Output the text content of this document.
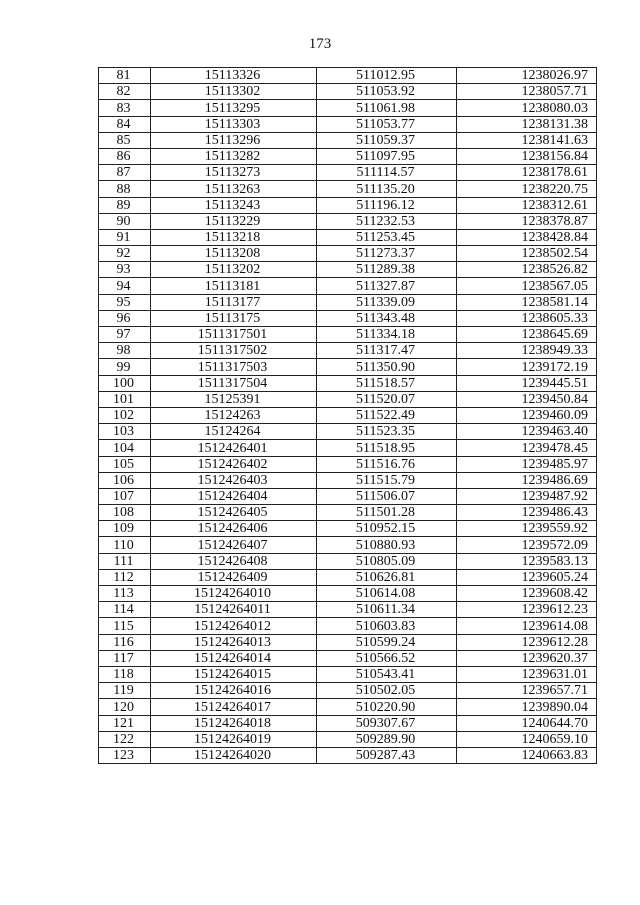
173
81	15113326	511012.95	1238026.97
82	15113302	511053.92	1238057.71
83	15113295	511061.98	1238080.03
84	15113303	511053.77	1238131.38
85	15113296	511059.37	1238141.63
86	15113282	511097.95	1238156.84
87	15113273	511114.57	1238178.61
88	15113263	511135.20	1238220.75
89	15113243	511196.12	1238312.61
90	15113229	511232.53	1238378.87
91	15113218	511253.45	1238428.84
92	15113208	511273.37	1238502.54
93	15113202	511289.38	1238526.82
94	15113181	511327.87	1238567.05
95	15113177	511339.09	1238581.14
96	15113175	511343.48	1238605.33
97	1511317501	511334.18	1238645.69
98	1511317502	511317.47	1238949.33
99	1511317503	511350.90	1239172.19
100	1511317504	511518.57	1239445.51
101	15125391	511520.07	1239450.84
102	15124263	511522.49	1239460.09
103	15124264	511523.35	1239463.40
104	1512426401	511518.95	1239478.45
105	1512426402	511516.76	1239485.97
106	1512426403	511515.79	1239486.69
107	1512426404	511506.07	1239487.92
108	1512426405	511501.28	1239486.43
109	1512426406	510952.15	1239559.92
110	1512426407	510880.93	1239572.09
111	1512426408	510805.09	1239583.13
112	1512426409	510626.81	1239605.24
113	15124264010	510614.08	1239608.42
114	15124264011	510611.34	1239612.23
115	15124264012	510603.83	1239614.08
116	15124264013	510599.24	1239612.28
117	15124264014	510566.52	1239620.37
118	15124264015	510543.41	1239631.01
119	15124264016	510502.05	1239657.71
120	15124264017	510220.90	1239890.04
121	15124264018	509307.67	1240644.70
122	15124264019	509289.90	1240659.10
123	15124264020	509287.43	1240663.83
